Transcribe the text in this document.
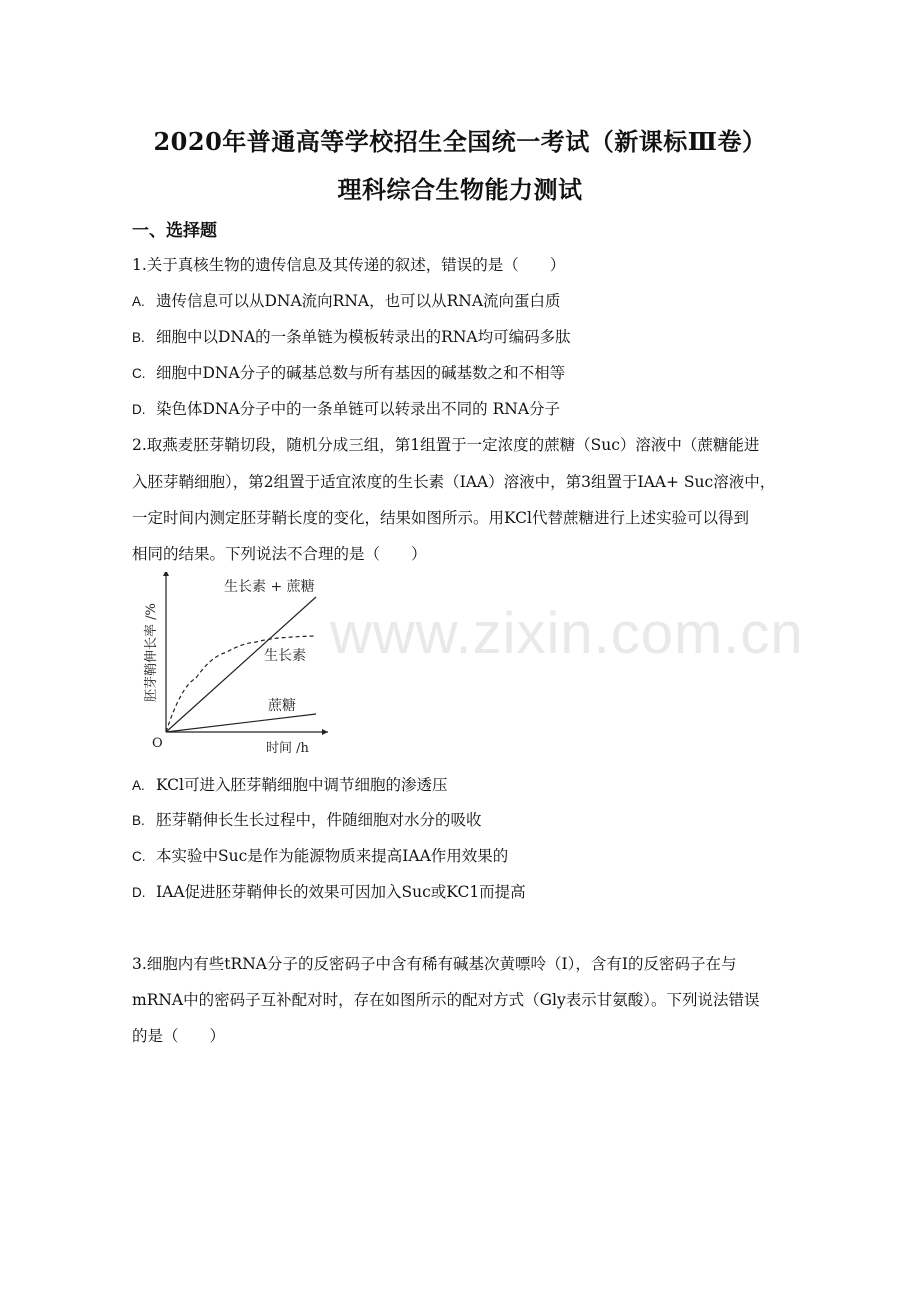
www.zixin.com.cn
2020年普通高等学校招生全国统一考试（新课标Ⅲ卷）
理科综合生物能力测试
一、选择题
1.关于真核生物的遗传信息及其传递的叙述，错误的是（　　）
A. 遗传信息可以从DNA流向RNA，也可以从RNA流向蛋白质
B. 细胞中以DNA的一条单链为模板转录出的RNA均可编码多肽
C. 细胞中DNA分子的碱基总数与所有基因的碱基数之和不相等
D. 染色体DNA分子中的一条单链可以转录出不同的 RNA分子
2.取燕麦胚芽鞘切段，随机分成三组，第1组置于一定浓度的蔗糖（Suc）溶液中（蔗糖能进
入胚芽鞘细胞），第2组置于适宜浓度的生长素（IAA）溶液中，第3组置于IAA+ Suc溶液中，
一定时间内测定胚芽鞘长度的变化，结果如图所示。用KCl代替蔗糖进行上述实验可以得到
相同的结果。下列说法不合理的是（　　）
生长素 + 蔗糖
生长素
蔗糖
O	时间 /h
胚芽鞘伸长率 /%
A. KCl可进入胚芽鞘细胞中调节细胞的渗透压
B. 胚芽鞘伸长生长过程中，件随细胞对水分的吸收
C. 本实验中Suc是作为能源物质来提高IAA作用效果的
D. IAA促进胚芽鞘伸长的效果可因加入Suc或KC1而提高
3.细胞内有些tRNA分子的反密码子中含有稀有碱基次黄嘌呤（I），含有I的反密码子在与
mRNA中的密码子互补配对时，存在如图所示的配对方式（Gly表示甘氨酸）。下列说法错误
的是（　　）
